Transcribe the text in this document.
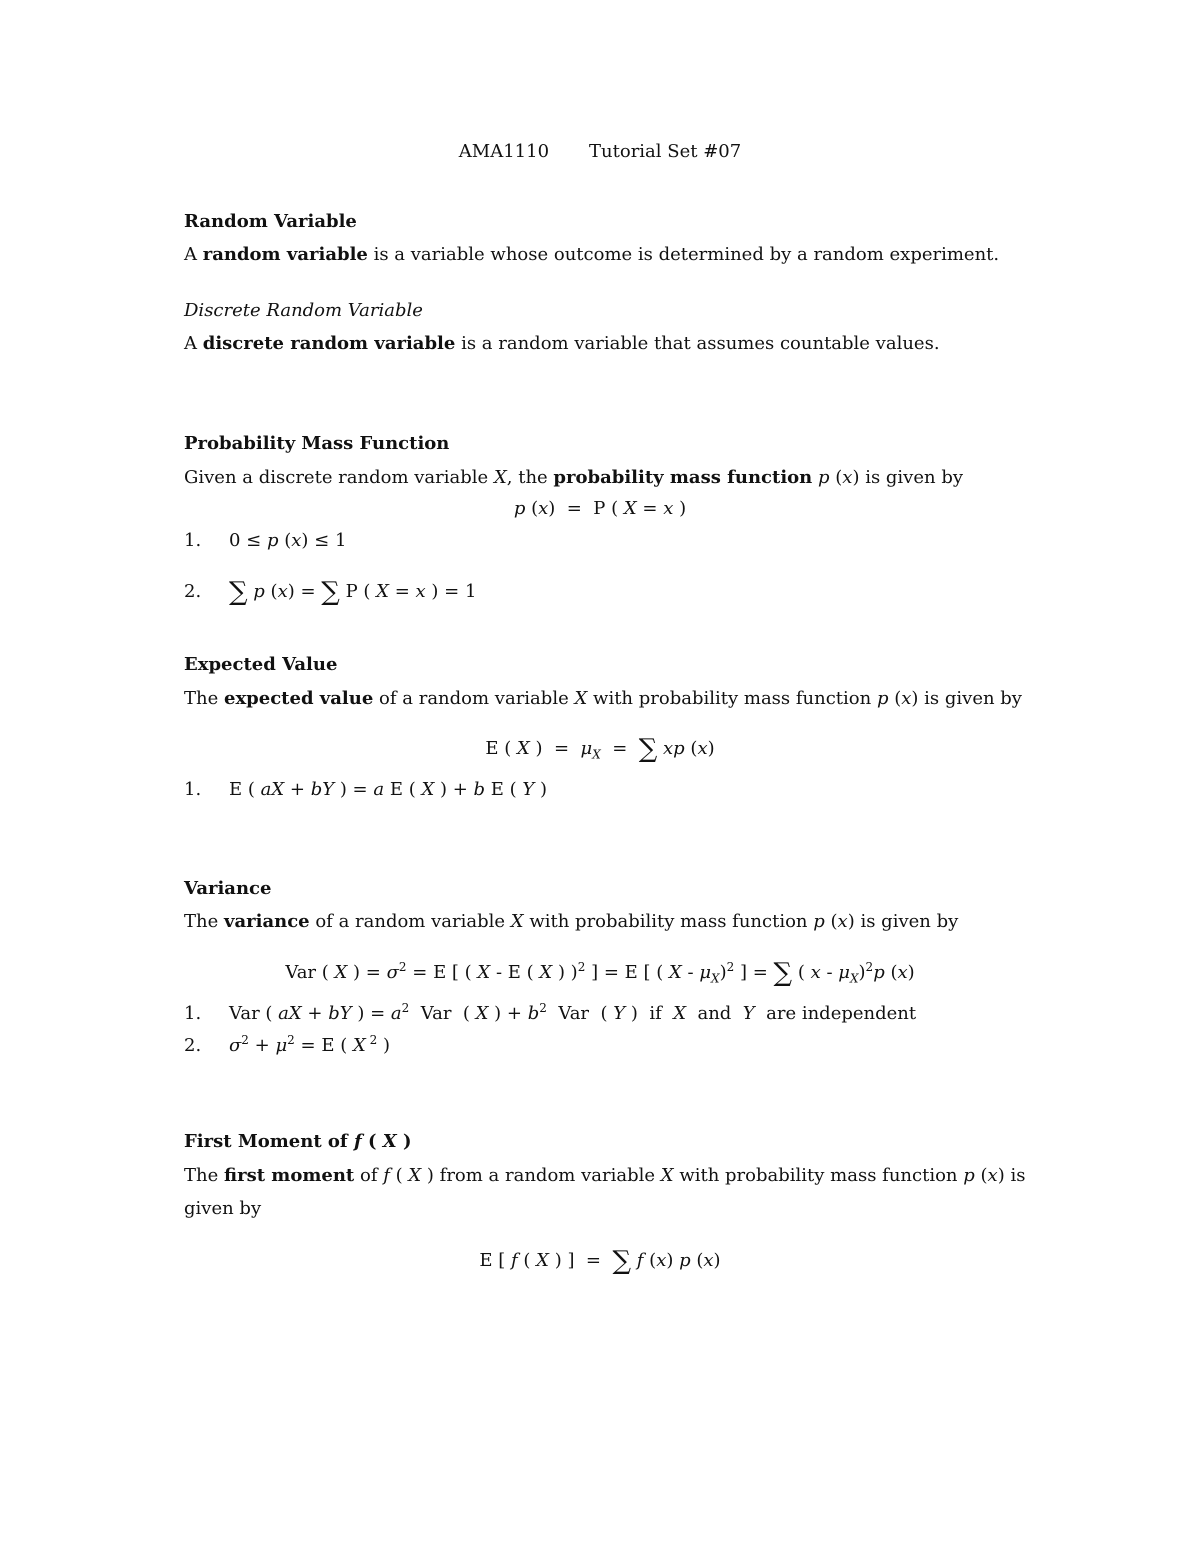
AMA1110 Tutorial Set #07
Random Variable
A random variable is a variable whose outcome is determined by a random experiment.
Discrete Random Variable
A discrete random variable is a random variable that assumes countable values.
Probability Mass Function
Given a discrete random variable X, the probability mass function p (x) is given by
p (x)  =  P ( X = x )
1. 0 ≤ p (x) ≤ 1
2. ∑ p (x) = ∑ P ( X = x ) = 1
Expected Value
The expected value of a random variable X with probability mass function p (x) is given by
E ( X )  =  $\mu_X$  =  ∑ xp (x)
1. E ( aX + bY ) = a E ( X ) + b E ( Y )
Variance
The variance of a random variable X with probability mass function p (x) is given by
Var ( X ) = $\sigma^2 = E$ [ ( X - E ( X ) )$^2$ ] = E [ ( X - $\mu_X)^2$ ] = ∑ ( x - $\mu_X)^2p$ (x)
1. Var ( aX + bY ) = $a^2$  Var  ( X ) + $b^2$  Var  ( Y )  if X and Y are independent
2. $\sigma^2 + \mu^2 = E$ ( X $^2$ )
First Moment of f ( X )
The first moment of f ( X ) from a random variable X with probability mass function p (x) is
given by
E [ f ( X ) ]  =  ∑ f (x) p (x)
